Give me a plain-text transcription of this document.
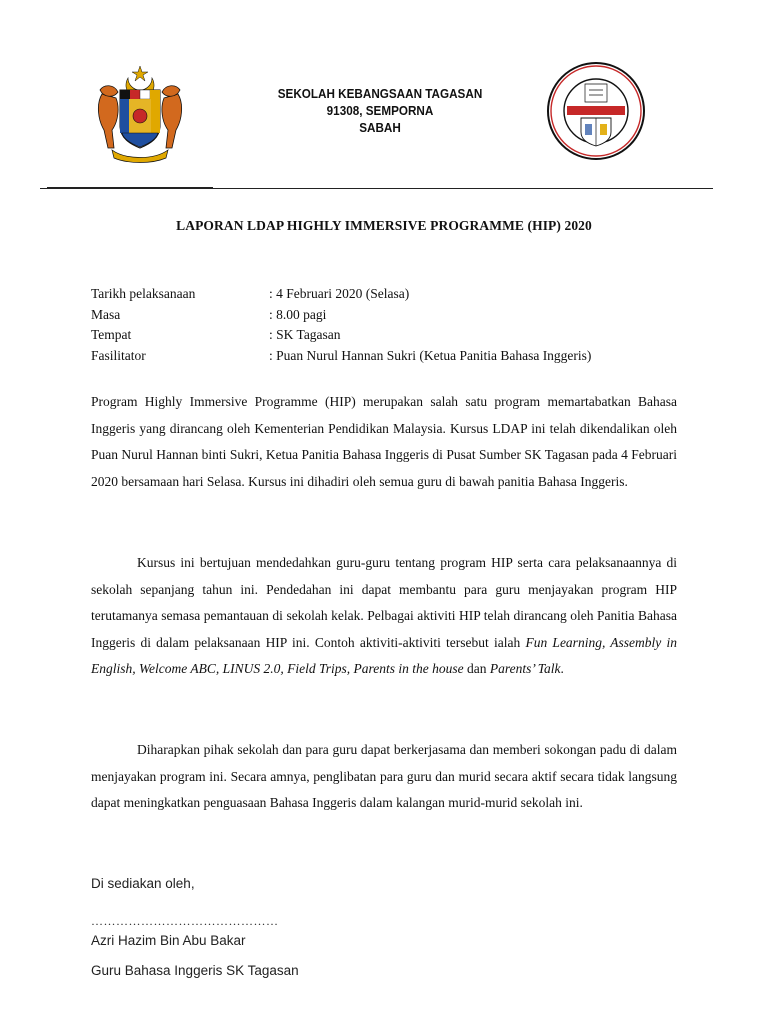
SEKOLAH KEBANGSAAN TAGASAN
91308, SEMPORNA
SABAH
LAPORAN LDAP HIGHLY IMMERSIVE PROGRAMME (HIP) 2020
Tarikh pelaksanaan	: 4 Februari 2020 (Selasa)
Masa	: 8.00 pagi
Tempat	: SK Tagasan
Fasilitator	: Puan Nurul Hannan Sukri (Ketua Panitia Bahasa Inggeris)
Program Highly Immersive Programme (HIP) merupakan salah satu program memartabatkan Bahasa Inggeris yang dirancang oleh Kementerian Pendidikan Malaysia. Kursus LDAP ini telah dikendalikan oleh Puan Nurul Hannan binti Sukri, Ketua Panitia Bahasa Inggeris di Pusat Sumber SK Tagasan pada 4 Februari 2020 bersamaan hari Selasa. Kursus ini dihadiri oleh semua guru di bawah panitia Bahasa Inggeris.
Kursus ini bertujuan mendedahkan guru-guru tentang program HIP serta cara pelaksanaannya di sekolah sepanjang tahun ini. Pendedahan ini dapat membantu para guru menjayakan program HIP terutamanya semasa pemantauan di sekolah kelak. Pelbagai aktiviti HIP telah dirancang oleh Panitia Bahasa Inggeris di dalam pelaksanaan HIP ini. Contoh aktiviti-aktiviti tersebut ialah Fun Learning, Assembly in English, Welcome ABC, LINUS 2.0, Field Trips, Parents in the house dan Parents’ Talk.
Diharapkan pihak sekolah dan para guru dapat berkerjasama dan memberi sokongan padu di dalam menjayakan program ini. Secara amnya, penglibatan para guru dan murid secara aktif secara tidak langsung dapat meningkatkan penguasaan Bahasa Inggeris dalam kalangan murid-murid sekolah ini.
Di sediakan oleh,
………………………………………
Azri Hazim Bin Abu Bakar
Guru Bahasa Inggeris SK Tagasan
